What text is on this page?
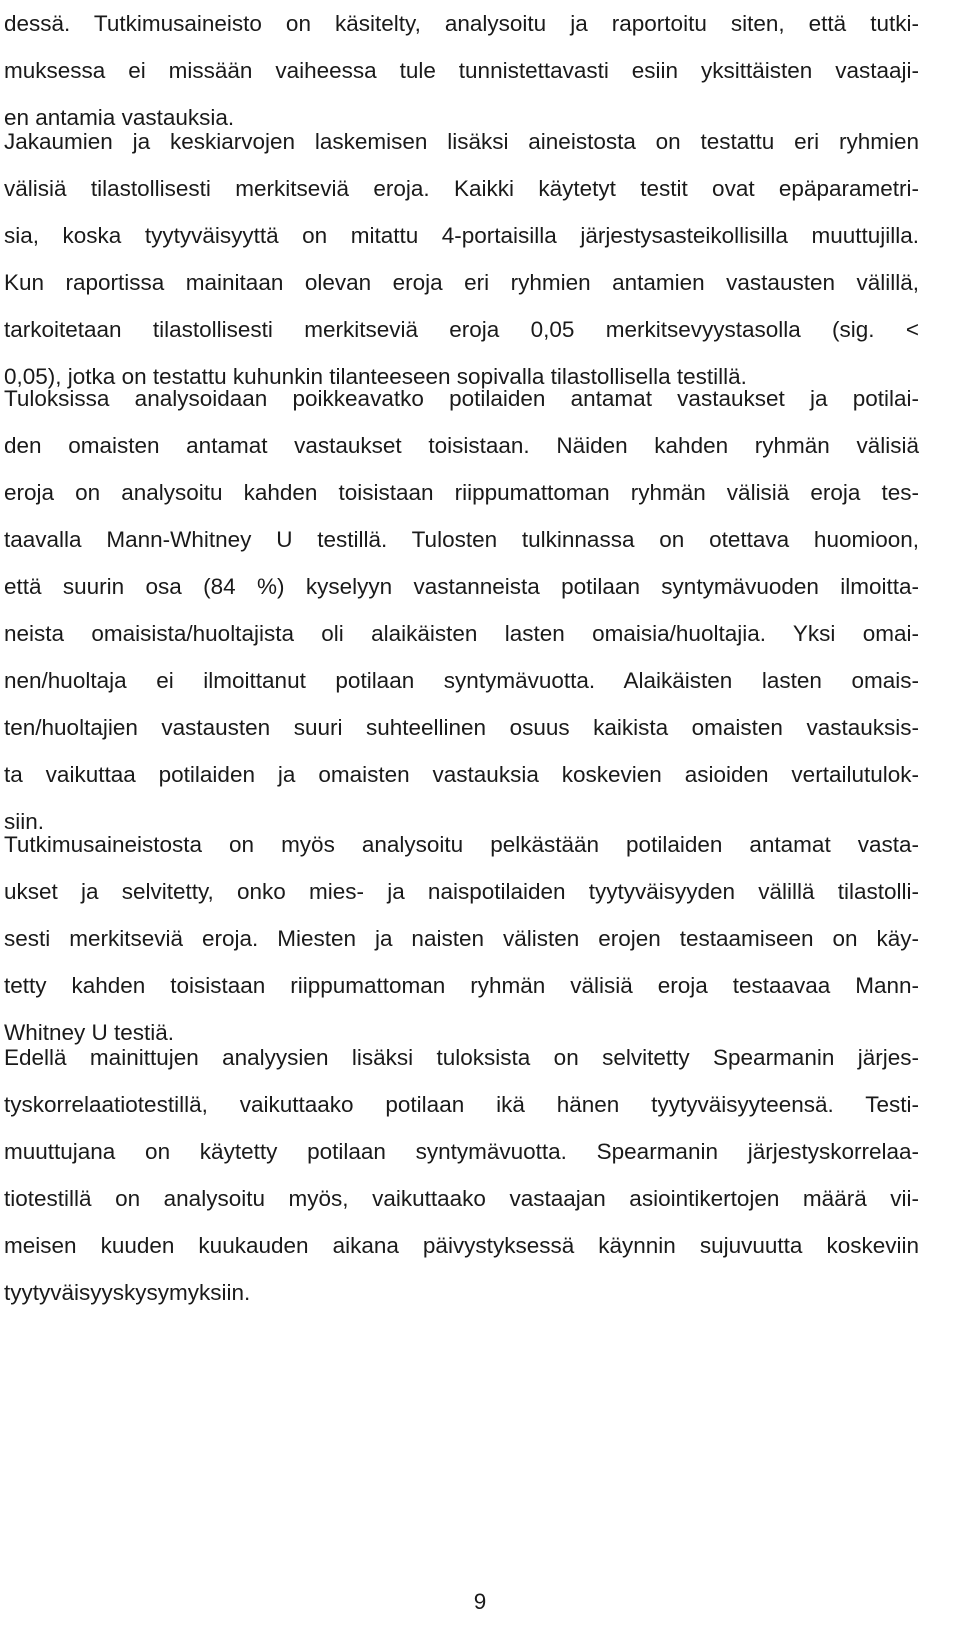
dessä. Tutkimusaineisto on käsitelty, analysoitu ja raportoitu siten, että tutki-
muksessa ei missään vaiheessa tule tunnistettavasti esiin yksittäisten vastaaji-
en antamia vastauksia.
Jakaumien ja keskiarvojen laskemisen lisäksi aineistosta on testattu eri ryhmien
välisiä tilastollisesti merkitseviä eroja. Kaikki käytetyt testit ovat epäparametri-
sia, koska tyytyväisyyttä on mitattu 4-portaisilla järjestysasteikollisilla muuttujilla.
Kun raportissa mainitaan olevan eroja eri ryhmien antamien vastausten välillä,
tarkoitetaan tilastollisesti merkitseviä eroja 0,05 merkitsevyystasolla (sig. <
0,05), jotka on testattu kuhunkin tilanteeseen sopivalla tilastollisella testillä.
Tuloksissa analysoidaan poikkeavatko potilaiden antamat vastaukset ja potilai-
den omaisten antamat vastaukset toisistaan. Näiden kahden ryhmän välisiä
eroja on analysoitu kahden toisistaan riippumattoman ryhmän välisiä eroja tes-
taavalla Mann-Whitney U testillä. Tulosten tulkinnassa on otettava huomioon,
että suurin osa (84 %) kyselyyn vastanneista potilaan syntymävuoden ilmoitta-
neista omaisista/huoltajista oli alaikäisten lasten omaisia/huoltajia. Yksi omai-
nen/huoltaja ei ilmoittanut potilaan syntymävuotta. Alaikäisten lasten omais-
ten/huoltajien vastausten suuri suhteellinen osuus kaikista omaisten vastauksis-
ta vaikuttaa potilaiden ja omaisten vastauksia koskevien asioiden vertailutulok-
siin.
Tutkimusaineistosta on myös analysoitu pelkästään potilaiden antamat vasta-
ukset ja selvitetty, onko mies- ja naispotilaiden tyytyväisyyden välillä tilastolli-
sesti merkitseviä eroja. Miesten ja naisten välisten erojen testaamiseen on käy-
tetty kahden toisistaan riippumattoman ryhmän välisiä eroja testaavaa Mann-
Whitney U testiä.
Edellä mainittujen analyysien lisäksi tuloksista on selvitetty Spearmanin järjes-
tyskorrelaatiotestillä, vaikuttaako potilaan ikä hänen tyytyväisyyteensä. Testi-
muuttujana on käytetty potilaan syntymävuotta. Spearmanin järjestyskorrelaa-
tiotestillä on analysoitu myös, vaikuttaako vastaajan asiointikertojen määrä vii-
meisen kuuden kuukauden aikana päivystyksessä käynnin sujuvuutta koskeviin
tyytyväisyyskysymyksiin.
9
